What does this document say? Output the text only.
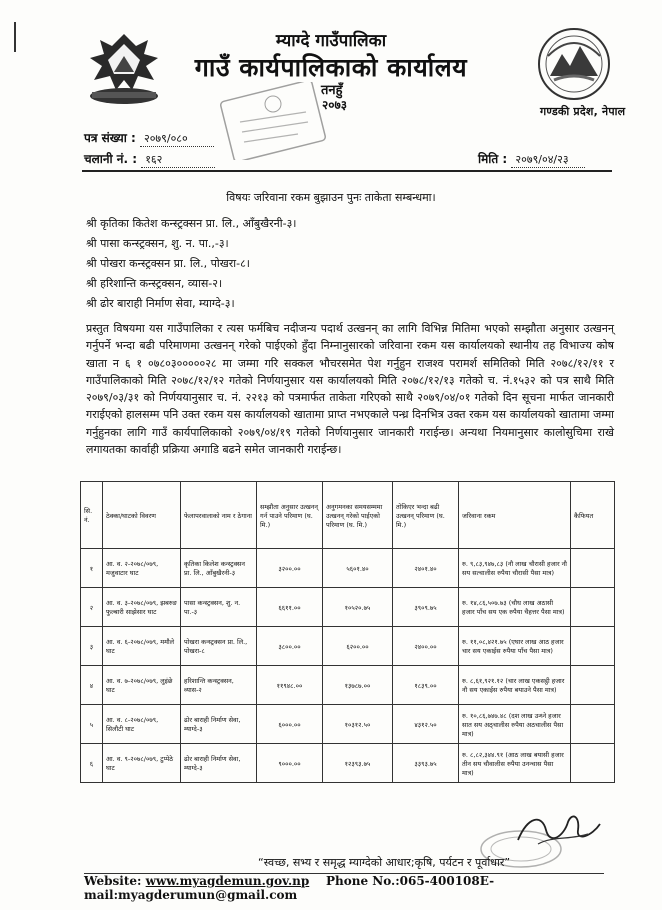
म्याग्दे गाउँपालिका
गाउँ कार्यपालिकाको कार्यालय
तनहुँ
२०७३	गण्डकी प्रदेश, नेपाल
पत्र संख्या : २०७९/०८०
चलानी नं. : १६२	मिति : २०७९/०४/२३
विषयः जरिवाना रकम बुझाउन पुनः ताकेता सम्बन्धमा।
श्री कृतिका कितेश कन्स्ट्रक्सन प्रा. लि., आँबुखैरनी-३।
श्री पासा कन्स्ट्रक्सन, शु. न. पा.,-३।
श्री पोखरा कन्स्ट्रक्सन प्रा. लि., पोखरा-८।
श्री हरिशान्ति कन्स्ट्रक्सन, व्यास-२।
श्री ढोर बाराही निर्माण सेवा, म्याग्दे-३।
प्रस्तुत विषयमा यस गाउँपालिका र त्यस फर्मबिच नदीजन्य पदार्थ उत्खनन् का लागि विभिन्न मितिमा भएको सम्झौता अनुसार उत्खनन् गर्नुपर्ने भन्दा बढी परिमाणमा उत्खनन् गरेको पाईएको हुँदा निम्नानुसारको जरिवाना रकम यस कार्यालयको स्थानीय तह विभाज्य कोष खाता न ६ १ ०७८०३०००००२८ मा जम्मा गरि सक्कल भौचरसमेत पेश गर्नुहुन राजश्व परामर्श समितिको मिति २०७८/१२/११ र गाउँपालिकाको मिति २०७८/१२/१२ गतेको निर्णयानुसार यस कार्यालयको मिति २०७८/१२/१३ गतेको च. नं.१५३२ को पत्र साथै मिति २०७९/०३/३१ को निर्णययानुसार च. नं. २२१३ को पत्रमार्फत ताकेता गरिएको साथै २०७९/०४/०१ गतेको दिन सूचना मार्फत जानकारी गराईएको हालसम्म पनि उक्त रकम यस कार्यालयको खातामा प्राप्त नभएकाले पन्ध्र दिनभित्र उक्त रकम यस कार्यालयको खातामा जम्मा गर्नुहुनका लागि गाउँ कार्यपालिकाको २०७९/०४/१९ गतेको निर्णयानुसार जानकारी गराईन्छ। अन्यथा नियमानुसार कालोसुचिमा राखे लगायतका कार्वाही प्रक्रिया अगाडि बढने समेत जानकारी गराईन्छ।
सि. नं.	ठेक्का/घाटको विवरण	फेलापरवालाको नाम र ठेगाना	सम्झौता अनुसार उत्खनन् गर्न पाउने परिमाण (घ. मि.)	अनुगमनका समयसम्ममा उत्खनन् गरेको पाईएको परिमाण (घ. मि.)	तोकिएर भन्दा बढी उत्खनन् परिमाण (घ. मि.)	जरिवाना रकम	कैफियत
१	आ. व. २-२०७८/०७९, मजुवाटार घाट	कृतिका किलेश कन्स्ट्रक्सन प्रा. लि., आँबुखैरनी-३	३२००.००	५६०१.४०	२४०१.४०	रु. ९,८३,९४७,८३ (नौ लाख चौरासी हजार नौ सय सत्चालीस रुपैया चौरासी पैसा मात्र)	
२	आ. व. ३-२०७८/०७९, झबरुङ फुल्बारी साझेसार घाट	पासा कन्स्ट्रक्सन, शु. न. पा.-३	६६११.००	१०५२०.७५	३९०९.७५	रु. १४,८६,५०७.७३ (चौध लाख अठासी हजार पाँच सय एक रुपैया चैहत्तर पैसा मात्र)	
३	आ. व. ६-२०७८/०७९, ममौले घाट	पोखरा कन्स्ट्रक्सन प्रा. लि., पोखरा-८	३८००.००	६२००.००	२४००.००	रु. ११,०८,४२१.७५ (एघार लाख आठ हजार चार सय एकाईस रुपैया पाँच पैसा मात्र)	
४	आ. व. ७-२०७८/०७९, लुइंछे घाट	हरिशान्ति कन्स्ट्रक्सन, व्यास-२	११९४८.००	१३७८७.००	१८३९.००	रु. ८,६१,९२१.१२ (चार लाख एकसट्ठी हजार नौ सय एकाईस रुपैया बयाउने पैसा मात्र)	
५	आ. व. ८-२०७८/०७९, सिलौटी घाट	ढोर बाराही निर्माण सेवा, म्याग्दे-३	६०००.००	१०३१२.५०	४३१२.५०	रु. १०,८६,७४७.४८ (दश लाख उन्ध्ने हजार सात सय अठ्चालीस रुपैया अठचालीस पैसा मात्र)	
६	आ. व. ९-२०७८/०७९, टुप्पेठे घाट	ढोर बाराही निर्माण सेवा, म्याग्दे-३	९०००.००	१२३९३.७५	३३९३.७५	रु. ८,८२,३४४.९१ (आठ लाख बयासी हजार तीन सय चौवालीस रुपैया उनन्चास पैसा मात्र)	
“स्वच्छ, सभ्य र समृद्ध म्याग्देको आधार;कृषि, पर्यटन र पूर्वाधार”
Website: www.myagdemun.gov.np Phone No.:065-400108E-mail:myagderumun@gmail.com
